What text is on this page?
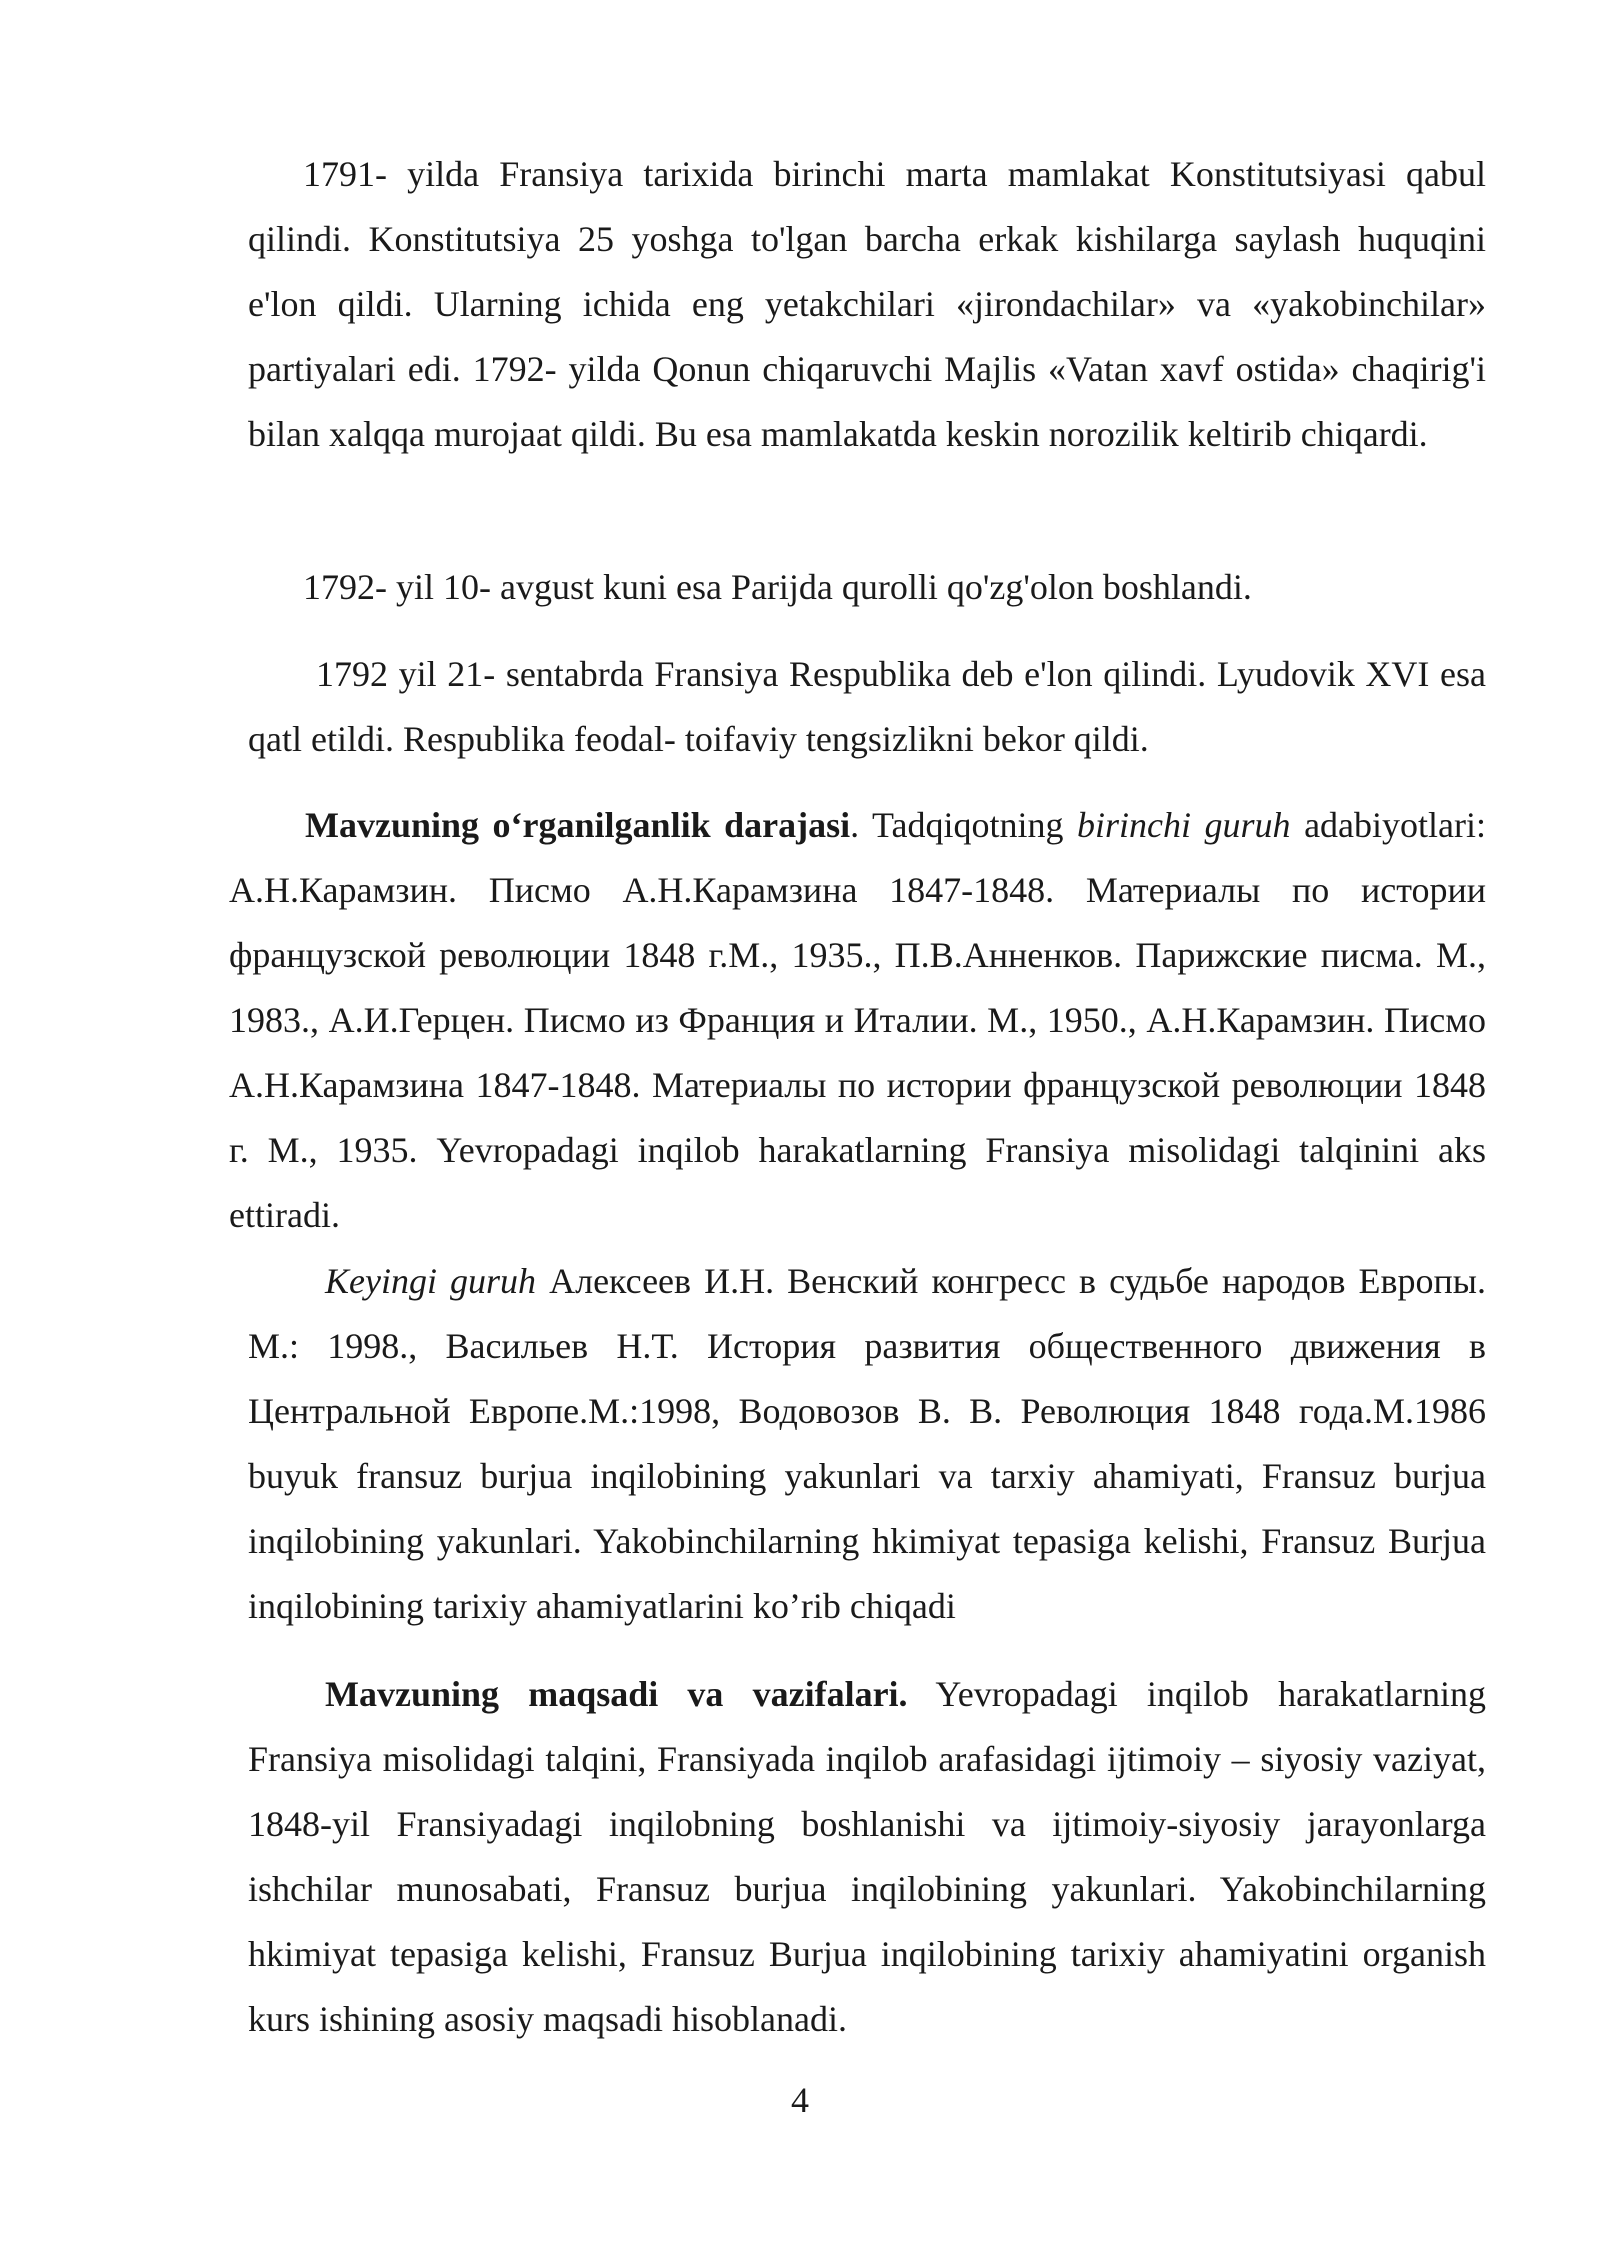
1791- yilda Fransiya tarixida birinchi marta mamlakat Konstitutsiyasi qabul qilindi. Konstitutsiya 25 yoshga to'lgan barcha erkak kishilarga saylash huquqini e'lon qildi. Ularning ichida eng yetakchilari «jirondachilar» va «yakobinchilar» partiyalari edi. 1792- yilda Qonun chiqaruvchi Majlis «Vatan xavf ostida» chaqirig'i bilan xalqqa murojaat qildi. Bu esa mamlakatda keskin norozilik keltirib chiqardi.

1792- yil 10- avgust kuni esa Parijda qurolli qo'zg'olon boshlandi.

1792 yil 21- sentabrda Fransiya Respublika deb e'lon qilindi. Lyudovik XVI esa qatl etildi. Respublika feodal- toifaviy tengsizlikni bekor qildi.

Mavzuning o‘rganilganlik darajasi. Tadqiqotning birinchi guruh adabiyotlari: А.Н.Карамзин. Писмо А.Н.Карамзина 1847-1848. Материалы по истории французской революции 1848 г.М., 1935., П.В.Анненков. Парижские писма. М., 1983., А.И.Герцен. Писмо из Франция и Италии. М., 1950., А.Н.Карамзин. Писмо А.Н.Карамзина 1847-1848. Материалы по истории французской революции 1848 г. М., 1935. Yevropadagi inqilob harakatlarning Fransiya misolidagi talqinini aks ettiradi.

Keyingi guruh Алексеев И.Н. Венский конгресс в судьбе народов Европы. М.: 1998., Васильев Н.Т. История развития общественного движения в Центральной Европе.М.:1998, Водовозов В. В. Революция 1848 года.М.1986 buyuk fransuz burjua inqilobining yakunlari va tarxiy ahamiyati, Fransuz burjua inqilobining yakunlari. Yakobinchilarning hkimiyat tepasiga kelishi, Fransuz Burjua inqilobining tarixiy ahamiyatlarini ko’rib chiqadi

Mavzuning maqsadi va vazifalari. Yevropadagi inqilob harakatlarning Fransiya misolidagi talqini, Fransiyada inqilob arafasidagi ijtimoiy – siyosiy vaziyat, 1848-yil Fransiyadagi inqilobning boshlanishi va ijtimoiy-siyosiy jarayonlarga ishchilar munosabati, Fransuz burjua inqilobining yakunlari. Yakobinchilarning hkimiyat tepasiga kelishi, Fransuz Burjua inqilobining tarixiy ahamiyatini organish kurs ishining asosiy maqsadi hisoblanadi.

4
